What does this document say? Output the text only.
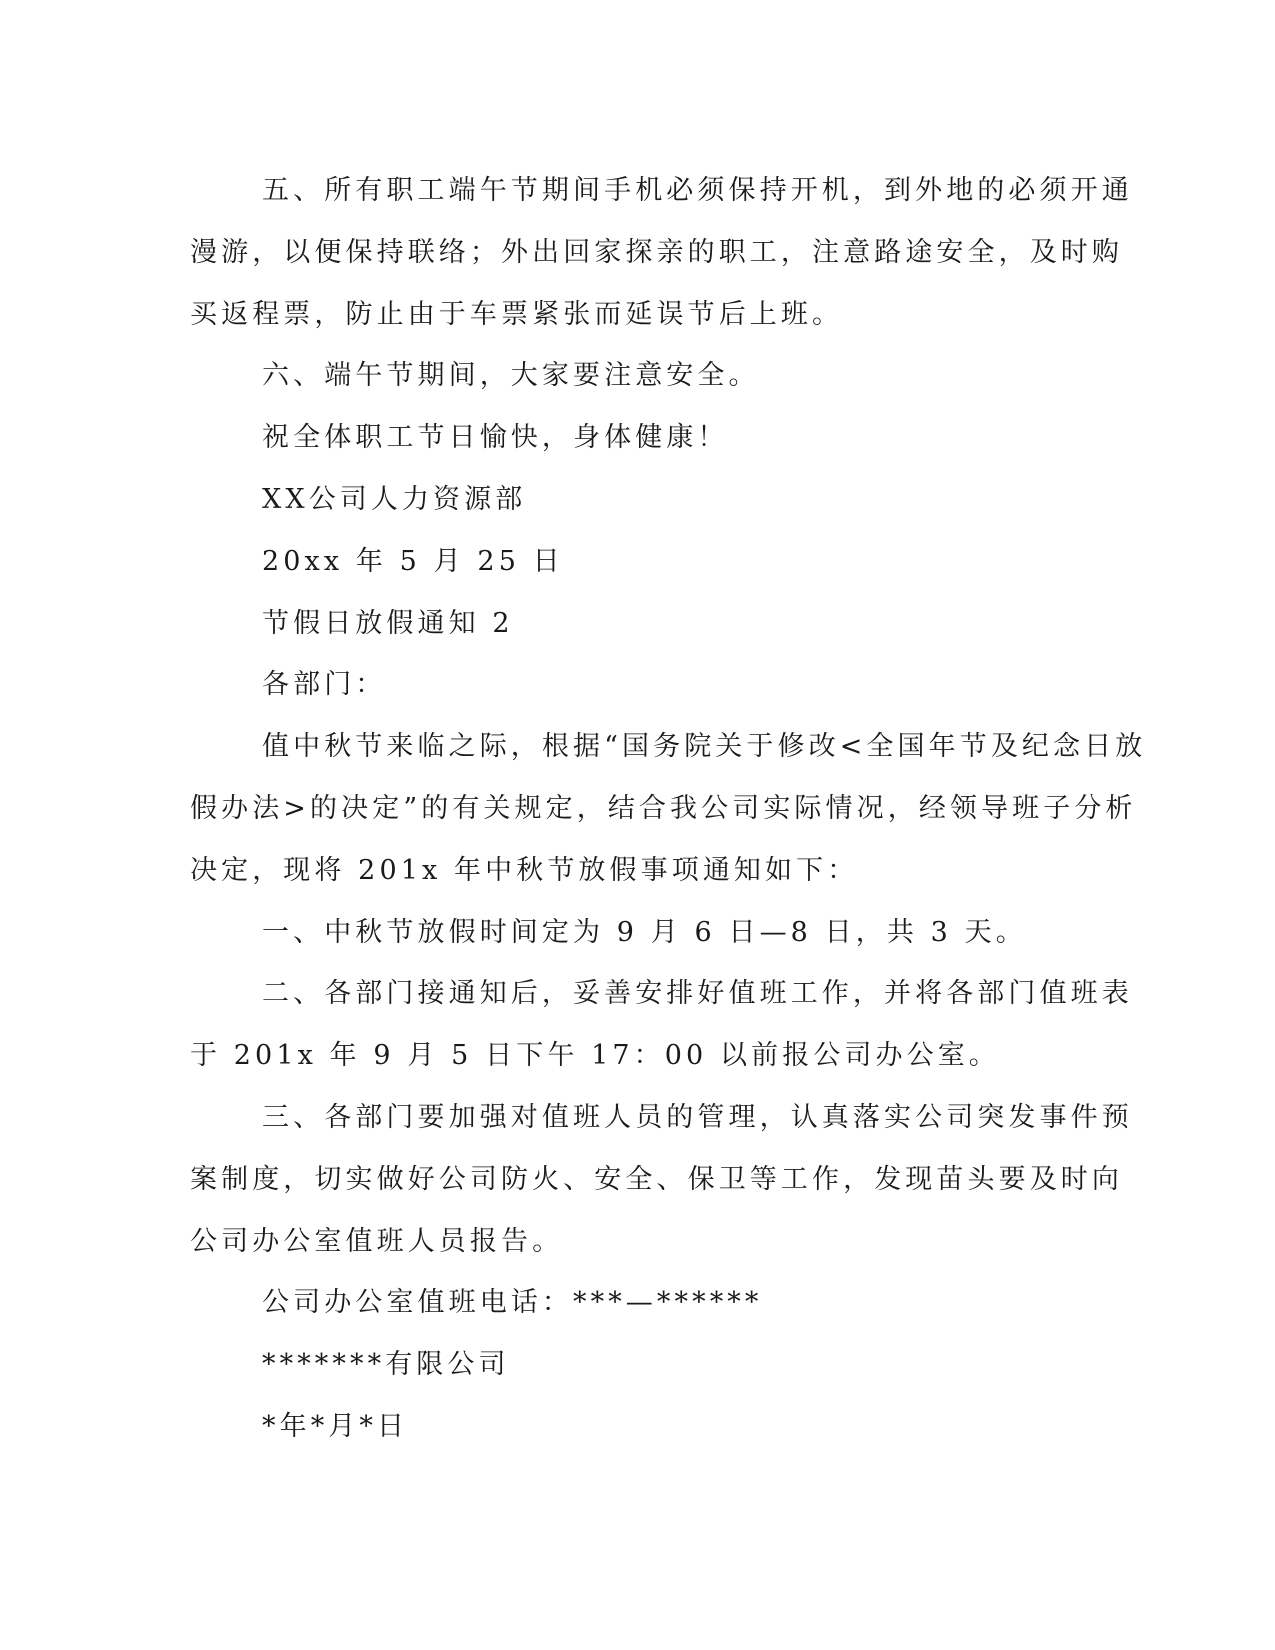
五、所有职工端午节期间手机必须保持开机，到外地的必须开通

漫游，以便保持联络；外出回家探亲的职工，注意路途安全，及时购

买返程票，防止由于车票紧张而延误节后上班。

六、端午节期间，大家要注意安全。

祝全体职工节日愉快，身体健康！

XX公司人力资源部

20xx 年 5 月 25 日

节假日放假通知 2

各部门：

值中秋节来临之际，根据“国务院关于修改<全国年节及纪念日放

假办法>的决定”的有关规定，结合我公司实际情况，经领导班子分析

决定，现将 201x 年中秋节放假事项通知如下：

一、中秋节放假时间定为 9 月 6 日—8 日，共 3 天。

二、各部门接通知后，妥善安排好值班工作，并将各部门值班表

于 201x 年 9 月 5 日下午 17：00 以前报公司办公室。

三、各部门要加强对值班人员的管理，认真落实公司突发事件预

案制度，切实做好公司防火、安全、保卫等工作，发现苗头要及时向

公司办公室值班人员报告。

公司办公室值班电话：***—******

*******有限公司

*年*月*日
